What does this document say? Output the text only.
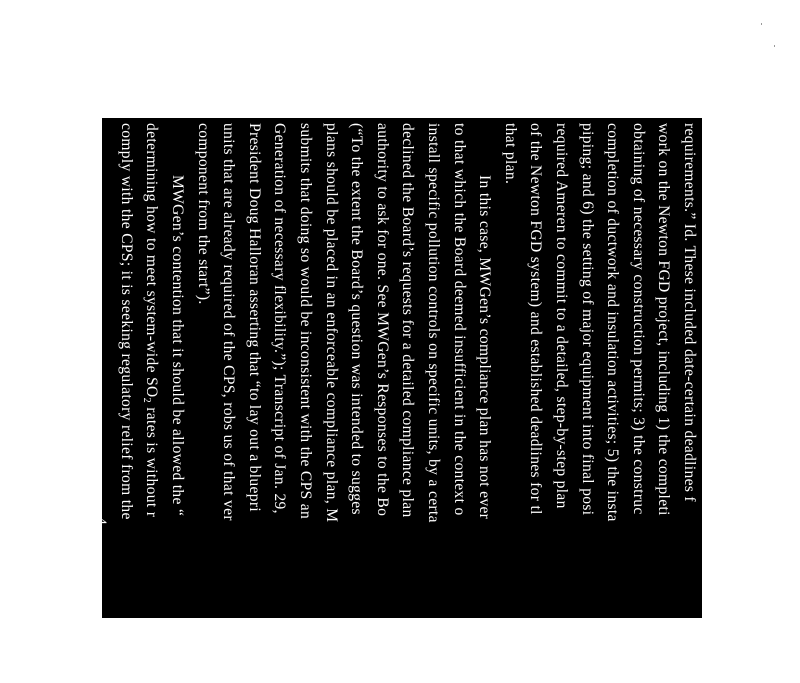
requirements.” Id. These included date-certain deadlines f
work on the Newton FGD project, including 1) the completi
obtaining of necessary construction permits; 3) the construc
completion of ductwork and insulation activities; 5) the insta
piping; and 6) the setting of major equipment into final posi
required Ameren to commit to a detailed, step-by-step plan
of the Newton FGD system) and established deadlines for tl
that plan.
In this case, MWGen’s compliance plan has not ever
to that which the Board deemed insufficient in the context o
install specific pollution controls on specific units, by a certa
declined the Board’s requests for a detailed compliance plan
authority to ask for one. See MWGen’s Responses to the Bo
(“To the extent the Board’s question was intended to sugges
plans should be placed in an enforceable compliance plan, M
submits that doing so would be inconsistent with the CPS an
Generation of necessary flexibility.”); Transcript of Jan. 29,
President Doug Halloran asserting that “to lay out a bluepri
units that are already required of the CPS, robs us of that ver
component from the start”).
MWGen’s contention that it should be allowed the “
determining how to meet system-wide $SO_2$ rates is without r
comply with the CPS; it is seeking regulatory relief from the
4
